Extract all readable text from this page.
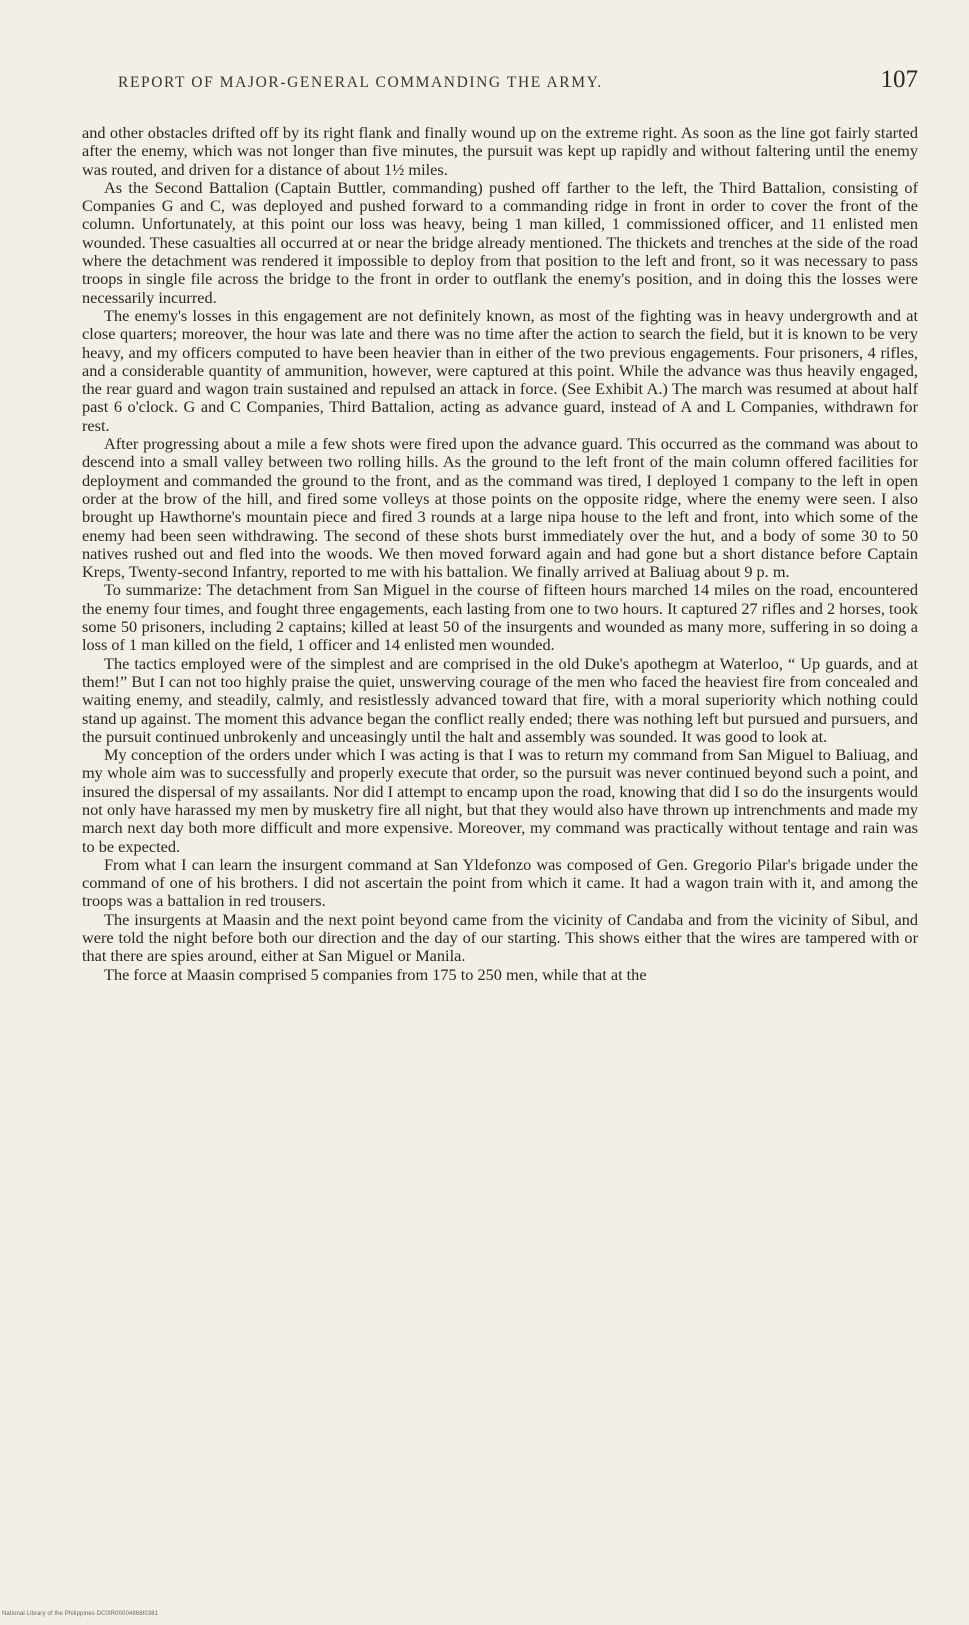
REPORT OF MAJOR-GENERAL COMMANDING THE ARMY.	107

and other obstacles drifted off by its right flank and finally wound up on the extreme right. As soon as the line got fairly started after the enemy, which was not longer than five minutes, the pursuit was kept up rapidly and without faltering until the enemy was routed, and driven for a distance of about 1½ miles.

As the Second Battalion (Captain Buttler, commanding) pushed off farther to the left, the Third Battalion, consisting of Companies G and C, was deployed and pushed forward to a commanding ridge in front in order to cover the front of the column. Unfortunately, at this point our loss was heavy, being 1 man killed, 1 commissioned officer, and 11 enlisted men wounded. These casualties all occurred at or near the bridge already mentioned. The thickets and trenches at the side of the road where the detachment was rendered it impossible to deploy from that position to the left and front, so it was necessary to pass troops in single file across the bridge to the front in order to outflank the enemy's position, and in doing this the losses were necessarily incurred.

The enemy's losses in this engagement are not definitely known, as most of the fighting was in heavy undergrowth and at close quarters; moreover, the hour was late and there was no time after the action to search the field, but it is known to be very heavy, and my officers computed to have been heavier than in either of the two previous engagements. Four prisoners, 4 rifles, and a considerable quantity of ammunition, however, were captured at this point. While the advance was thus heavily engaged, the rear guard and wagon train sustained and repulsed an attack in force. (See Exhibit A.) The march was resumed at about half past 6 o'clock. G and C Companies, Third Battalion, acting as advance guard, instead of A and L Companies, withdrawn for rest.

After progressing about a mile a few shots were fired upon the advance guard. This occurred as the command was about to descend into a small valley between two rolling hills. As the ground to the left front of the main column offered facilities for deployment and commanded the ground to the front, and as the command was tired, I deployed 1 company to the left in open order at the brow of the hill, and fired some volleys at those points on the opposite ridge, where the enemy were seen. I also brought up Hawthorne's mountain piece and fired 3 rounds at a large nipa house to the left and front, into which some of the enemy had been seen withdrawing. The second of these shots burst immediately over the hut, and a body of some 30 to 50 natives rushed out and fled into the woods. We then moved forward again and had gone but a short distance before Captain Kreps, Twenty-second Infantry, reported to me with his battalion. We finally arrived at Baliuag about 9 p. m.

To summarize: The detachment from San Miguel in the course of fifteen hours marched 14 miles on the road, encountered the enemy four times, and fought three engagements, each lasting from one to two hours. It captured 27 rifles and 2 horses, took some 50 prisoners, including 2 captains; killed at least 50 of the insurgents and wounded as many more, suffering in so doing a loss of 1 man killed on the field, 1 officer and 14 enlisted men wounded.

The tactics employed were of the simplest and are comprised in the old Duke's apothegm at Waterloo, “ Up guards, and at them!” But I can not too highly praise the quiet, unswerving courage of the men who faced the heaviest fire from concealed and waiting enemy, and steadily, calmly, and resistlessly advanced toward that fire, with a moral superiority which nothing could stand up against. The moment this advance began the conflict really ended; there was nothing left but pursued and pursuers, and the pursuit continued unbrokenly and unceasingly until the halt and assembly was sounded. It was good to look at.

My conception of the orders under which I was acting is that I was to return my command from San Miguel to Baliuag, and my whole aim was to successfully and properly execute that order, so the pursuit was never continued beyond such a point, and insured the dispersal of my assailants. Nor did I attempt to encamp upon the road, knowing that did I so do the insurgents would not only have harassed my men by musketry fire all night, but that they would also have thrown up intrenchments and made my march next day both more difficult and more expensive. Moreover, my command was practically without tentage and rain was to be expected.

From what I can learn the insurgent command at San Yldefonzo was composed of Gen. Gregorio Pilar's brigade under the command of one of his brothers. I did not ascertain the point from which it came. It had a wagon train with it, and among the troops was a battalion in red trousers.

The insurgents at Maasin and the next point beyond came from the vicinity of Candaba and from the vicinity of Sibul, and were told the night before both our direction and the day of our starting. This shows either that the wires are tampered with or that there are spies around, either at San Miguel or Manila.

The force at Maasin comprised 5 companies from 175 to 250 men, while that at the

National Library of the Philippines DC0IR00004868I0381
